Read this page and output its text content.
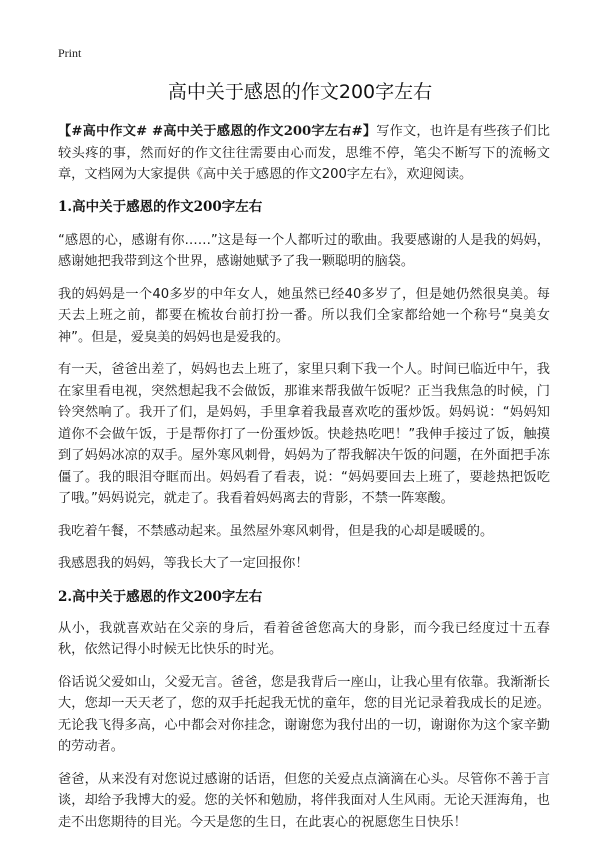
Print
高中关于感恩的作文200字左右

【#高中作文# #高中关于感恩的作文200字左右#】写作文，也许是有些孩子们比较头疼的事，然而好的作文往往需要由心而发，思维不停，笔尖不断写下的流畅文章，文档网为大家提供《高中关于感恩的作文200字左右》，欢迎阅读。

1.高中关于感恩的作文200字左右

“感恩的心，感谢有你……”这是每一个人都听过的歌曲。我要感谢的人是我的妈妈，感谢她把我带到这个世界，感谢她赋予了我一颗聪明的脑袋。

我的妈妈是一个40多岁的中年女人，她虽然已经40多岁了，但是她仍然很臭美。每天去上班之前，都要在梳妆台前打扮一番。所以我们全家都给她一个称号“臭美女神”。但是，爱臭美的妈妈也是爱我的。

有一天，爸爸出差了，妈妈也去上班了，家里只剩下我一个人。时间已临近中午，我在家里看电视，突然想起我不会做饭，那谁来帮我做午饭呢？正当我焦急的时候，门铃突然响了。我开了们，是妈妈，手里拿着我最喜欢吃的蛋炒饭。妈妈说：“妈妈知道你不会做午饭，于是帮你打了一份蛋炒饭。快趁热吃吧！”我伸手接过了饭，触摸到了妈妈冰凉的双手。屋外寒风刺骨，妈妈为了帮我解决午饭的问题，在外面把手冻僵了。我的眼泪夺眶而出。妈妈看了看表，说：“妈妈要回去上班了，要趁热把饭吃了哦。”妈妈说完，就走了。我看着妈妈离去的背影，不禁一阵寒酸。

我吃着午餐，不禁感动起来。虽然屋外寒风刺骨，但是我的心却是暖暖的。

我感恩我的妈妈，等我长大了一定回报你！

2.高中关于感恩的作文200字左右

从小，我就喜欢站在父亲的身后，看着爸爸您高大的身影，而今我已经度过十五春秋，依然记得小时候无比快乐的时光。

俗话说父爱如山，父爱无言。爸爸，您是我背后一座山，让我心里有依靠。我渐渐长大，您却一天天老了，您的双手托起我无忧的童年，您的目光记录着我成长的足迹。无论我飞得多高，心中都会对你挂念，谢谢您为我付出的一切，谢谢你为这个家辛勤的劳动者。

爸爸，从来没有对您说过感谢的话语，但您的关爱点点滴滴在心头。尽管你不善于言谈，却给予我博大的爱。您的关怀和勉励，将伴我面对人生风雨。无论天涯海角，也走不出您期待的目光。今天是您的生日，在此衷心的祝愿您生日快乐！
